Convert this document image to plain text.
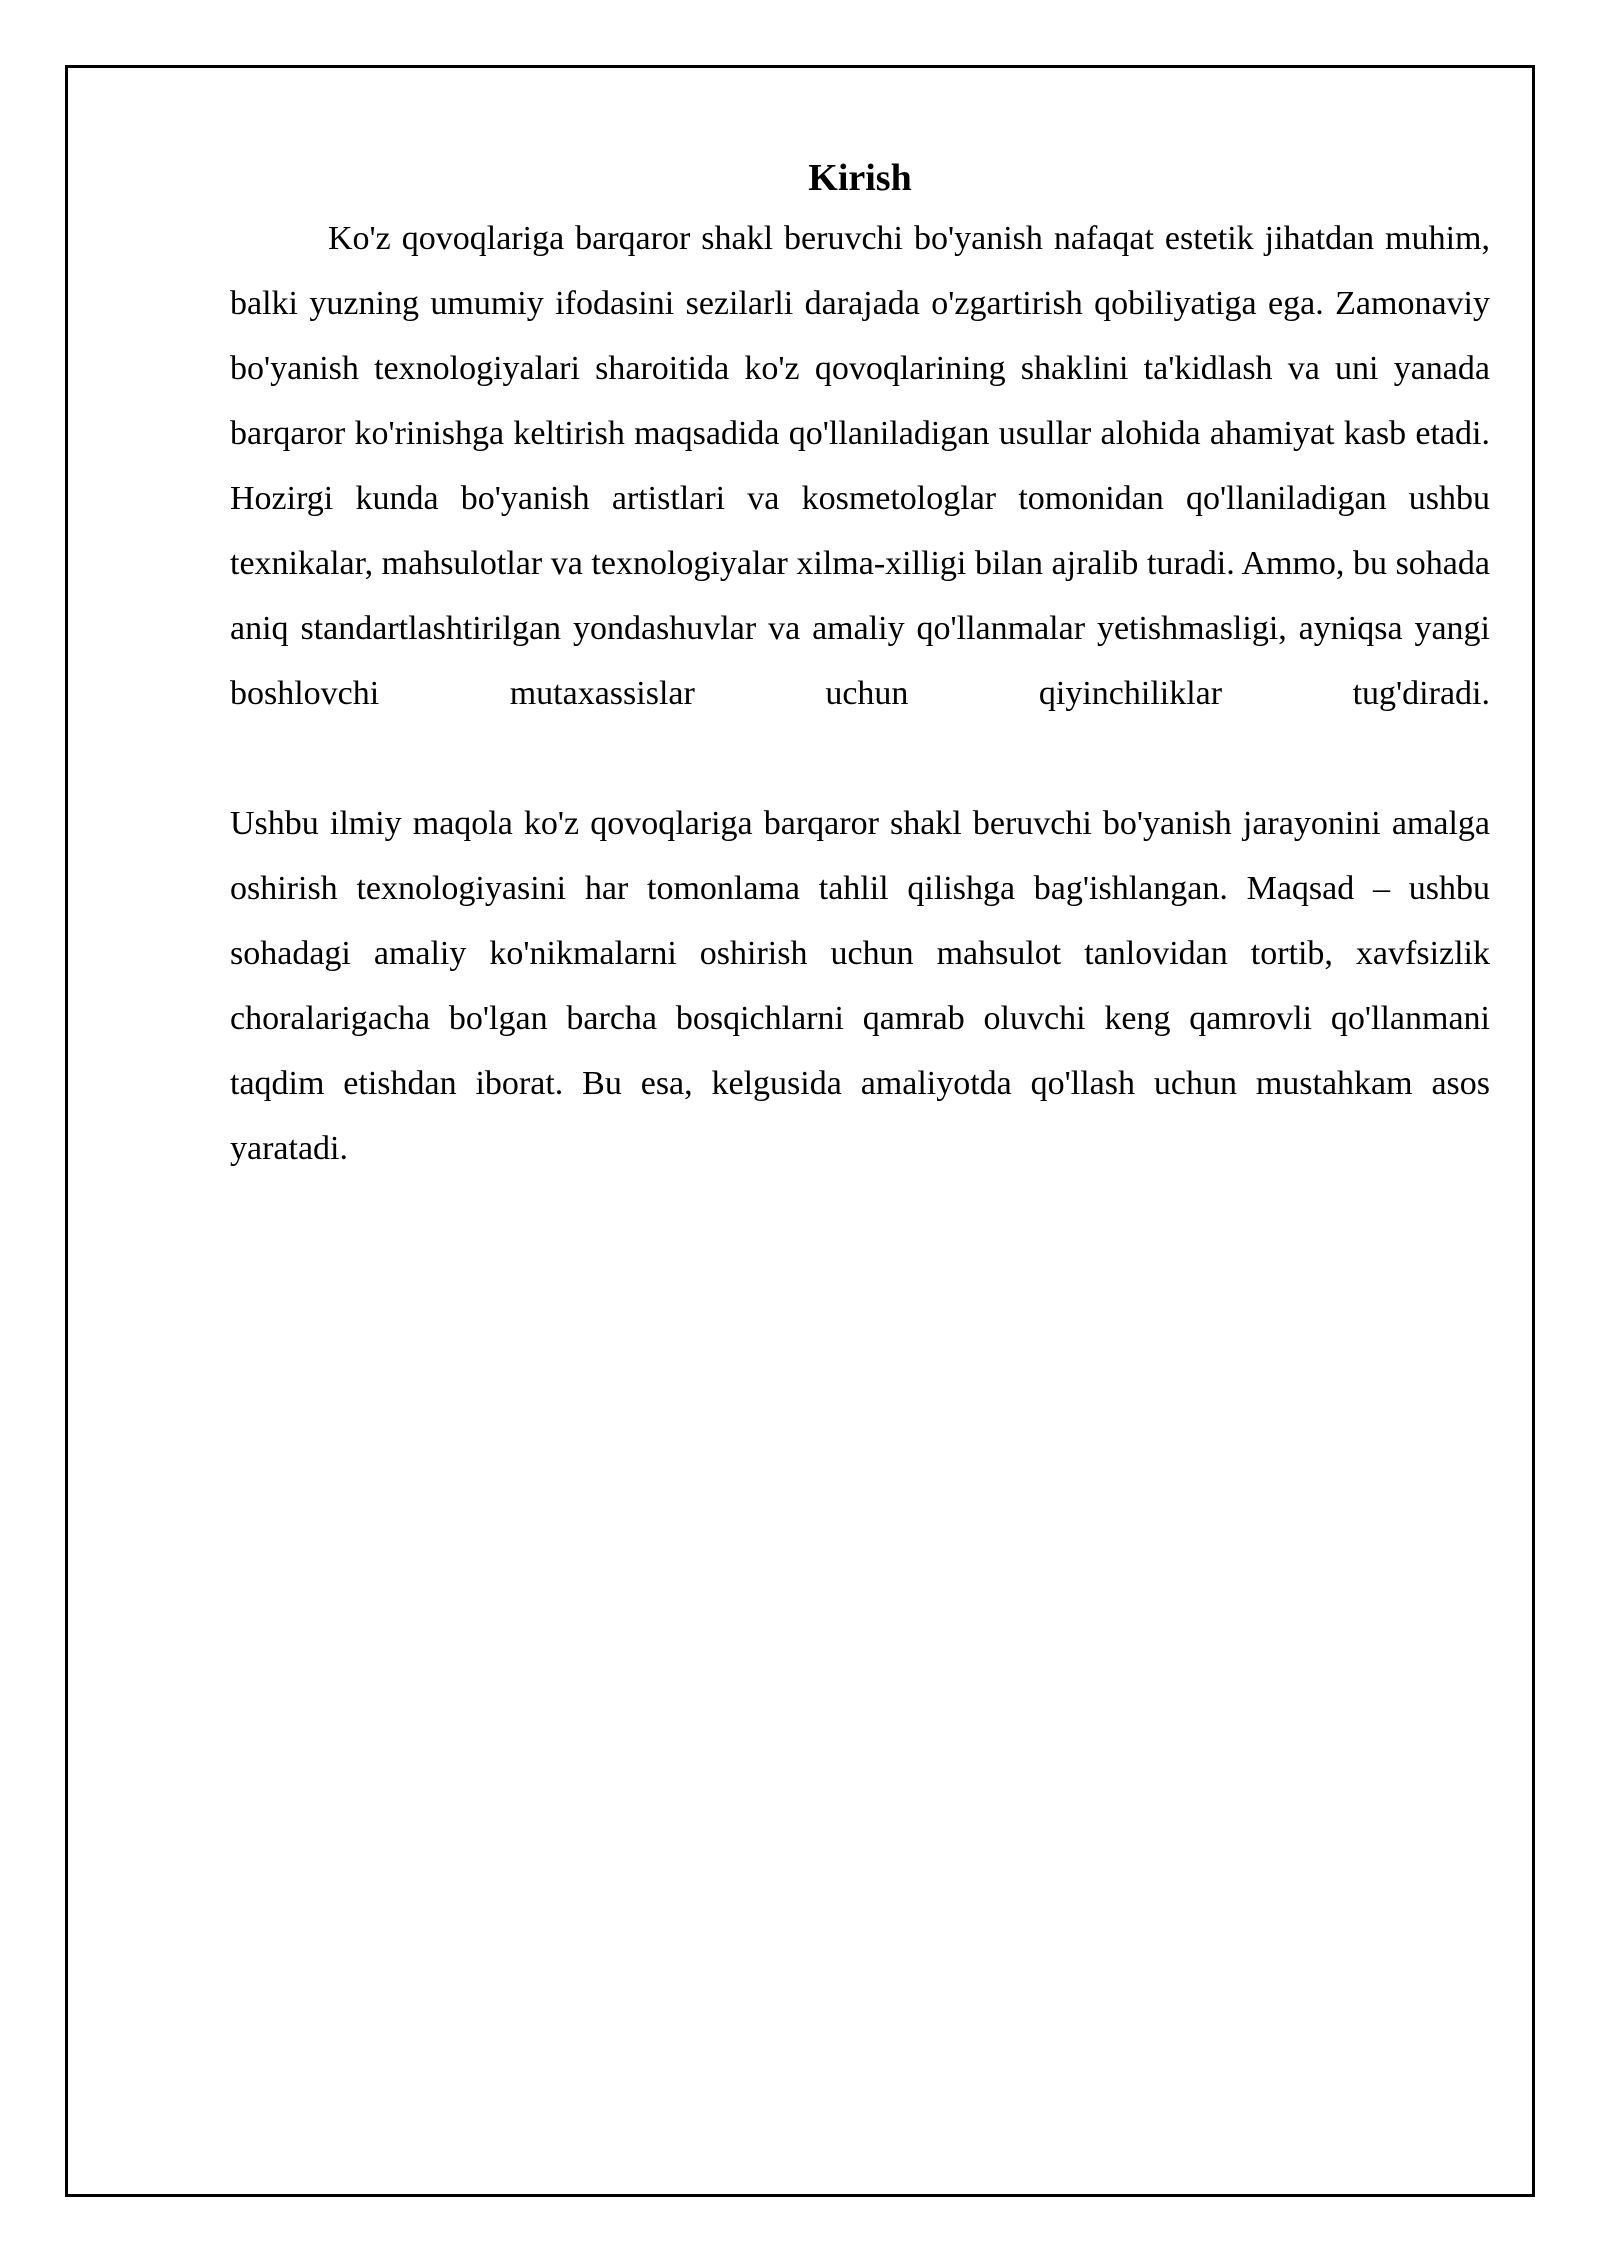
Kirish

Ko'z qovoqlariga barqaror shakl beruvchi bo'yanish nafaqat estetik jihatdan muhim, balki yuzning umumiy ifodasini sezilarli darajada o'zgartirish qobiliyatiga ega. Zamonaviy bo'yanish texnologiyalari sharoitida ko'z qovoqlarining shaklini ta'kidlash va uni yanada barqaror ko'rinishga keltirish maqsadida qo'llaniladigan usullar alohida ahamiyat kasb etadi. Hozirgi kunda bo'yanish artistlari va kosmetologlar tomonidan qo'llaniladigan ushbu texnikalar, mahsulotlar va texnologiyalar xilma-xilligi bilan ajralib turadi. Ammo, bu sohada aniq standartlashtirilgan yondashuvlar va amaliy qo'llanmalar yetishmasligi, ayniqsa yangi boshlovchi mutaxassislar uchun qiyinchiliklar tug'diradi.

Ushbu ilmiy maqola ko'z qovoqlariga barqaror shakl beruvchi bo'yanish jarayonini amalga oshirish texnologiyasini har tomonlama tahlil qilishga bag'ishlangan. Maqsad – ushbu sohadagi amaliy ko'nikmalarni oshirish uchun mahsulot tanlovidan tortib, xavfsizlik choralarigacha bo'lgan barcha bosqichlarni qamrab oluvchi keng qamrovli qo'llanmani taqdim etishdan iborat. Bu esa, kelgusida amaliyotda qo'llash uchun mustahkam asos yaratadi.
